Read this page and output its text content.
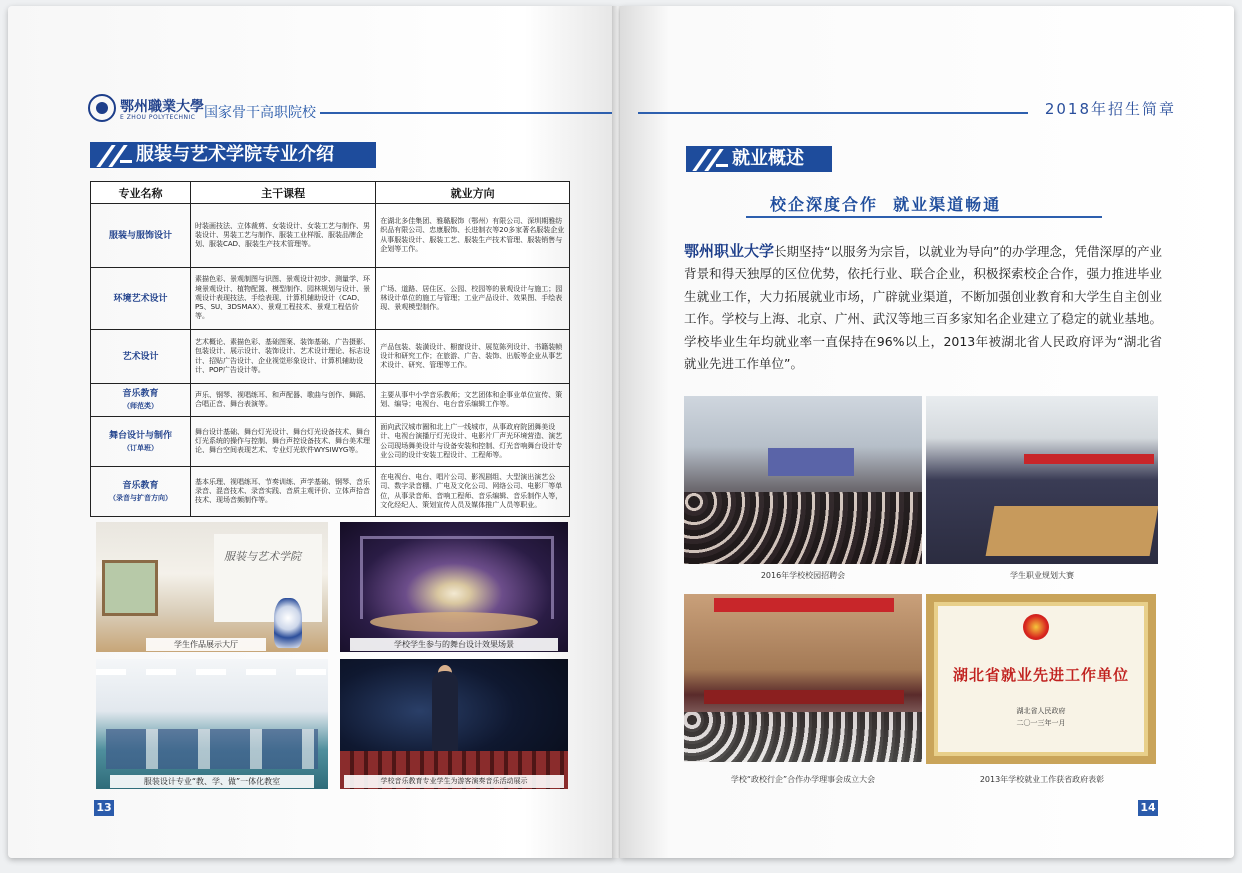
鄂州職業大學
E ZHOU POLYTECHNIC 国家骨干高职院校
服装与艺术学院专业介绍
专业名称	主干课程	就业方向
服装与服饰设计	时装画技法、立体裁剪、女装设计、女装工艺与制作、男装设计、男装工艺与制作、服装工业样版、服装品牌企划、服装CAD、服装生产技术管理等。	在湖北多佳集团、雅璐服饰（鄂州）有限公司、深圳期雅纺织品有限公司、忠康服饰、长进制衣等20多家著名服装企业从事服装设计、服装工艺、服装生产技术管理、服装销售与企划等工作。
环境艺术设计	素描色彩、景观制图与识图、景观设计初步、测量学、环境景观设计、植物配置、模型制作、园林规划与设计、景观设计表现技法、手绘表现、计算机辅助设计（CAD、PS、SU、3DSMAX）、景观工程技术、景观工程估价等。	广场、道路、居住区、公园、校园等的景观设计与施工；园林设计单位的施工与管理；工业产品设计、效果图、手绘表现、景观模型制作。
艺术设计	艺术概论、素描色彩、基础图案、装饰基础、广告摄影、包装设计、展示设计、装饰设计、艺术设计理论、标志设计、招贴广告设计、企业视觉形象设计、计算机辅助设计、POP广告设计等。	产品包装、装潢设计、橱窗设计、展览陈列设计、书籍装帧设计和研究工作；在旅游、广告、装饰、出版等企业从事艺术设计、研究、管理等工作。
音乐教育
（师范类）	声乐、钢琴、视唱练耳、和声配器、歌曲与创作、舞蹈、合唱正音、舞台表演等。	主要从事中小学音乐教师；文艺团体和企事业单位宣传、策划、编导；电视台、电台音乐编辑工作等。
舞台设计与制作
（订单班）	舞台设计基础、舞台灯光设计、舞台灯光设备技术、舞台灯光系统的操作与控制、舞台声控设备技术、舞台美术理论、舞台空间表现艺术、专业灯光软件WYSIWYG等。	面向武汉城市圈和北上广一线城市，从事政府院团舞美设计、电视台演播厅灯光设计、电影片厂声光环境营造、演艺公司现场舞美设计与设备安装和控制、灯光音响舞台设计专业公司的设计安装工程设计、工程师等。
音乐教育
（录音与扩音方向）	基本乐理、视唱练耳、节奏训练、声学基础、钢琴、音乐录音、混音技术、录音实践、音质主观评价、立体声拾音技术、现场音频制作等。	在电视台、电台、唱片公司、影视剧组、大型演出演艺公司、数字录音棚、广电及文化公司、网络公司、电影厂等单位，从事录音师、音响工程师、音乐编辑、音乐制作人等，文化经纪人、策划宣传人员及媒体推广人员等职业。
服装与艺术学院
学生作品展示大厅	学校学生参与的舞台设计效果场景
服装设计专业“教、学、做”一体化教室	学校音乐教育专业学生为游客演奏音乐活动展示
13
2018年招生简章
就业概述
校企深度合作  就业渠道畅通
鄂州职业大学长期坚持“以服务为宗旨，以就业为导向”的办学理念，凭借深厚的产业背景和得天独厚的区位优势，依托行业、联合企业，积极探索校企合作，强力推进毕业生就业工作，大力拓展就业市场，广辟就业渠道，不断加强创业教育和大学生自主创业工作。学校与上海、北京、广州、武汉等地三百多家知名企业建立了稳定的就业基地。学校毕业生年均就业率一直保持在96%以上，2013年被湖北省人民政府评为“湖北省就业先进工作单位”。
2016年学校校园招聘会	学生职业规划大赛
学校“政校行企”合作办学理事会成立大会
湖北省就业先进工作单位
湖北省人民政府
二〇一三年一月
2013年学校就业工作获省政府表彰
14
